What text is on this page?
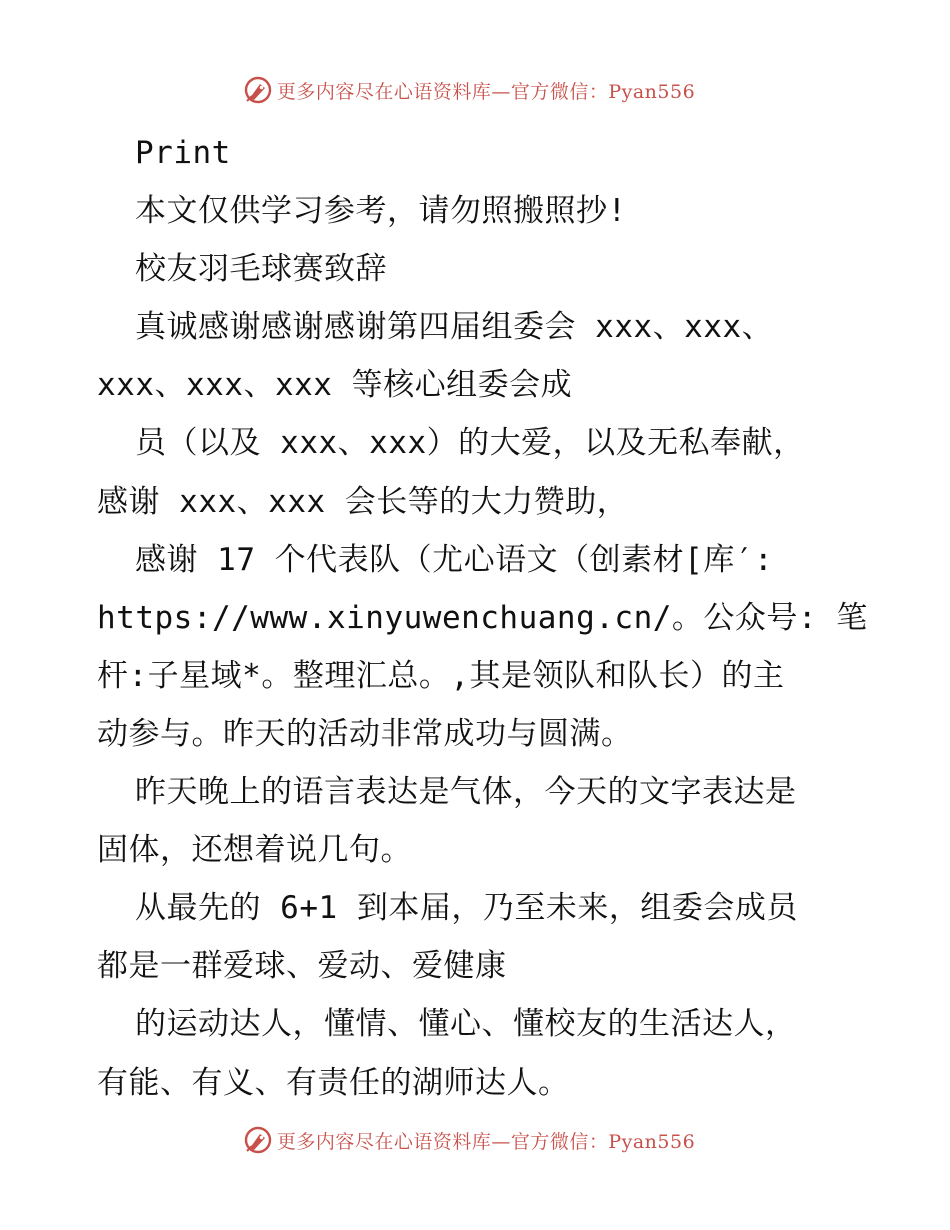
更多内容尽在心语资料库—官方微信：Pyan556
Print
本文仅供学习参考，请勿照搬照抄!
校友羽毛球赛致辞
真诚感谢感谢感谢第四届组委会 xxx、xxx、
xxx、xxx、xxx 等核心组委会成
员（以及 xxx、xxx）的大爱，以及无私奉献，
感谢 xxx、xxx 会长等的大力赞助，
感谢 17 个代表队（尤心语文（创素材[库′:
https://www.xinyuwenchuang.cn/。公众号: 笔
杆:子星域*。整理汇总。,其是领队和队长）的主
动参与。昨天的活动非常成功与圆满。
昨天晚上的语言表达是气体，今天的文字表达是
固体，还想着说几句。
从最先的 6+1 到本届，乃至未来，组委会成员
都是一群爱球、爱动、爱健康
的运动达人，懂情、懂心、懂校友的生活达人，
有能、有义、有责任的湖师达人。
更多内容尽在心语资料库—官方微信：Pyan556
